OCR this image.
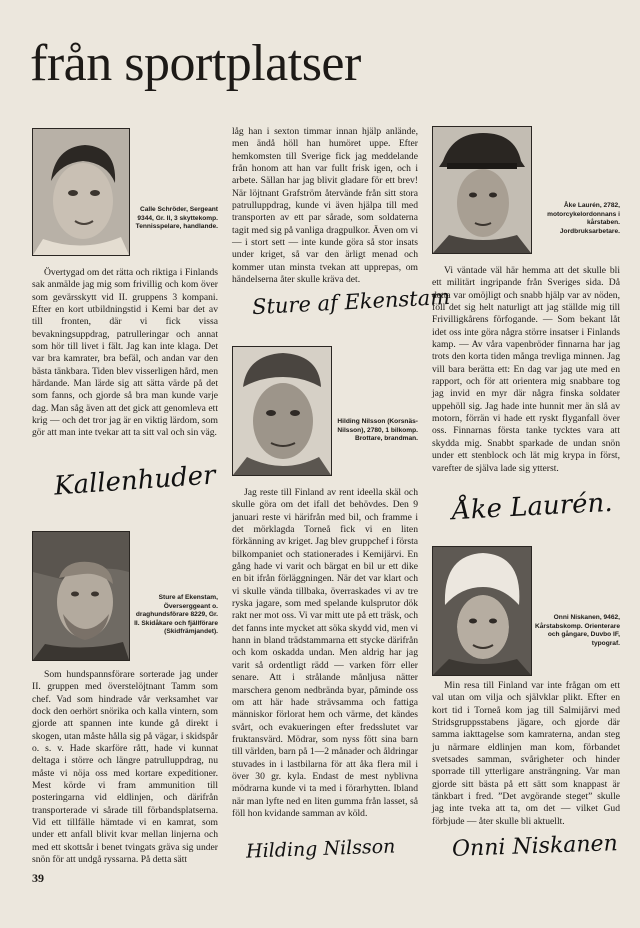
från sportplatser
Calle Schröder, Sergeant 9344, Gr. II, 3 skyttekomp. Tennisspelare, handlande.

Övertygad om det rätta och riktiga i Finlands sak anmälde jag mig som frivillig och kom över som gevärsskytt vid II. gruppens 3 kompani. Efter en kort utbildningstid i Kemi bar det av till fronten, där vi fick vissa bevakningsuppdrag, patrulleringar och annat som hör till livet i fält. Jag kan inte klaga. Det var bra kamrater, bra befäl, och andan var den bästa tänkbara. Tiden blev visserligen hård, men härdande. Man lärde sig att sätta värde på det som fanns, och gjorde så bra man kunde varje dag. Man såg även att det gick att genomleva ett krig — och det tror jag är en viktig lärdom, som gör att man inte tvekar att ta sitt val och sin väg.

Kallenhuder
Sture af Ekenstam, Överserggeant o. draghundsförare 8229, Gr. II. Skidåkare och fjällförare (Skidfrämjandet).

Som hundspannsförare sorterade jag under II. gruppen med överstelöjtnant Tamm som chef. Vad som hindrade vår verksamhet var dock den oerhört snörika och kalla vintern, som gjorde att spannen inte kunde gå direkt i skogen, utan måste hålla sig på vägar, i skidspår o. s. v. Hade skarföre rått, hade vi kunnat deltaga i större och längre patrulluppdrag, nu måste vi nöja oss med kortare expeditioner. Mest körde vi fram ammunition till posteringarna vid eldlinjen, och därifrån transporterade vi sårade till förbandsplatserna. Vid ett tillfälle hämtade vi en kamrat, som under ett anfall blivit kvar mellan linjerna och med ett skottsår i benet tvingats gräva sig under snön för att undgå ryssarna. På detta sätt

39

låg han i sexton timmar innan hjälp anlände, men ändå höll han humöret uppe. Efter hemkomsten till Sverige fick jag meddelande från honom att han var fullt frisk igen, och i arbete. Sällan har jag blivit gladare för ett brev! När löjtnant Grafström återvände från sitt stora patrulluppdrag, kunde vi även hjälpa till med transporten av ett par sårade, som soldaterna tagit med sig på vanliga dragpulkor. Även om vi — i stort sett — inte kunde göra så stor insats under kriget, så var den ärligt menad och kommer utan minsta tvekan att upprepas, om händelserna åter skulle kräva det.

Sture af Ekenstam
Hilding Nilsson (Korsnäs-Nilsson), 2780, 1 bilkomp. Brottare, brandman.

Jag reste till Finland av rent ideella skäl och skulle göra om det ifall det behövdes. Den 9 januari reste vi härifrån med bil, och framme i det mörklagda Torneå fick vi en liten förkänning av kriget. Jag blev gruppchef i första bilkompaniet och stationerades i Kemijärvi. En gång hade vi varit och bärgat en bil ur ett dike en bit ifrån förläggningen. När det var klart och vi skulle vända tillbaka, överraskades vi av tre ryska jagare, som med spelande kulsprutor dök rakt ner mot oss. Vi var mitt ute på ett träsk, och det fanns inte mycket att söka skydd vid, men vi hann in bland trädstammarna ett stycke därifrån och kom oskadda undan. Men aldrig har jag varit så ordentligt rädd — varken förr eller senare. Att i strålande månljusa nätter marschera genom nedbrända byar, påminde oss om att här hade strävsamma och fattiga människor förlorat hem och värme, det kändes svårt, och evakueringen efter fredsslutet var fruktansvärd. Mödrar, som nyss fött sina barn till världen, barn på 1—2 månader och åldringar stuvades in i lastbilarna för att åka flera mil i över 30 gr. kyla. Endast de mest nyblivna mödrarna kunde vi ta med i förarhytten. Ibland när man lyfte ned en liten gumma från lasset, så föll hon kvidande samman av köld.

Hilding Nilsson
Åke Laurén, 2782, motorcykelordonnans i kårstaben. Jordbruksarbetare.

Vi väntade väl här hemma att det skulle bli ett militärt ingripande från Sveriges sida. Då detta var omöjligt och snabb hjälp var av nöden, föll det sig helt naturligt att jag ställde mig till Frivilligkårens förfogande. — Som bekant låt idet oss inte göra några större insatser i Finlands kamp. — Av våra vapenbröder finnarna har jag trots den korta tiden många trevliga minnen. Jag vill bara berätta ett: En dag var jag ute med en rapport, och för att orientera mig snabbare tog jag invid en myr där några finska soldater uppehöll sig. Jag hade inte hunnit mer än slå av motorn, förrän vi hade ett ryskt flyganfall över oss. Finnarnas första tanke tycktes vara att skydda mig. Snabbt sparkade de undan snön under ett stenblock och lät mig krypa in först, varefter de själva lade sig ytterst.

Åke Laurén.
Onni Niskanen, 9462, Kårstabskomp. Orienterare och gångare, Duvbo IF, typograf.

Min resa till Finland var inte frågan om ett val utan om vilja och självklar plikt. Efter en kort tid i Torneå kom jag till Salmijärvi med Stridsgruppsstabens jägare, och gjorde där samma iakttagelse som kamraterna, andan steg ju närmare eldlinjen man kom, förbandet svetsades samman, svårigheter och hinder sporrade till ytterligare ansträngning. Var man gjorde sitt bästa på ett sätt som knappast är tänkbart i fred. ”Det avgörande steget” skulle jag inte tveka att ta, om det — vilket Gud förbjude — åter skulle bli aktuellt.

Onni Niskanen
